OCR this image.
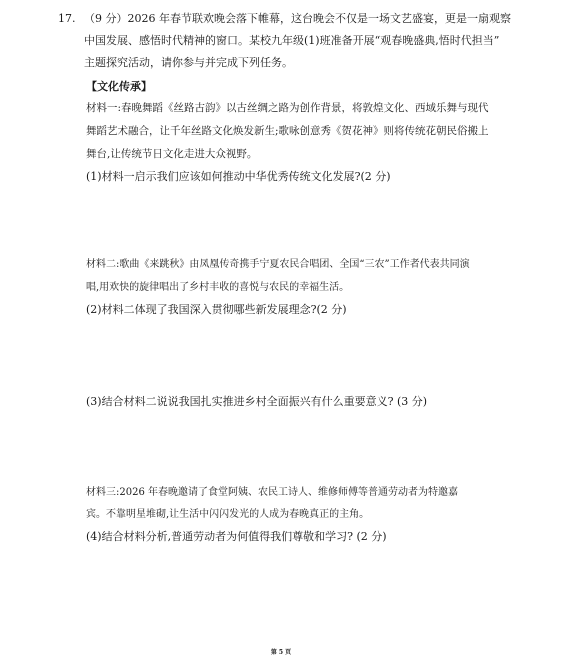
17. （9 分）2026 年春节联欢晚会落下帷幕，这台晚会不仅是一场文艺盛宴，更是一扇观察
中国发展、感悟时代精神的窗口。某校九年级(1)班准备开展“观春晚盛典,悟时代担当”
主题探究活动，请你参与并完成下列任务。
【文化传承】
材料一:春晚舞蹈《丝路古韵》以古丝绸之路为创作背景，将敦煌文化、西域乐舞与现代
舞蹈艺术融合，让千年丝路文化焕发新生;歌咏创意秀《贺花神》则将传统花朝民俗搬上
舞台,让传统节日文化走进大众视野。
(1)材料一启示我们应该如何推动中华优秀传统文化发展?(2 分)
材料二:歌曲《来跳秋》由凤凰传奇携手宁夏农民合唱团、全国“三农”工作者代表共同演
唱,用欢快的旋律唱出了乡村丰收的喜悦与农民的幸福生活。
(2)材料二体现了我国深入贯彻哪些新发展理念?(2 分)
(3)结合材料二说说我国扎实推进乡村全面振兴有什么重要意义? (3 分)
材料三:2026 年春晚邀请了食堂阿姨、农民工诗人、维修师傅等普通劳动者为特邀嘉
宾。不靠明星堆砌,让生活中闪闪发光的人成为春晚真正的主角。
(4)结合材料分析,普通劳动者为何值得我们尊敬和学习? (2 分)
第 5 页
